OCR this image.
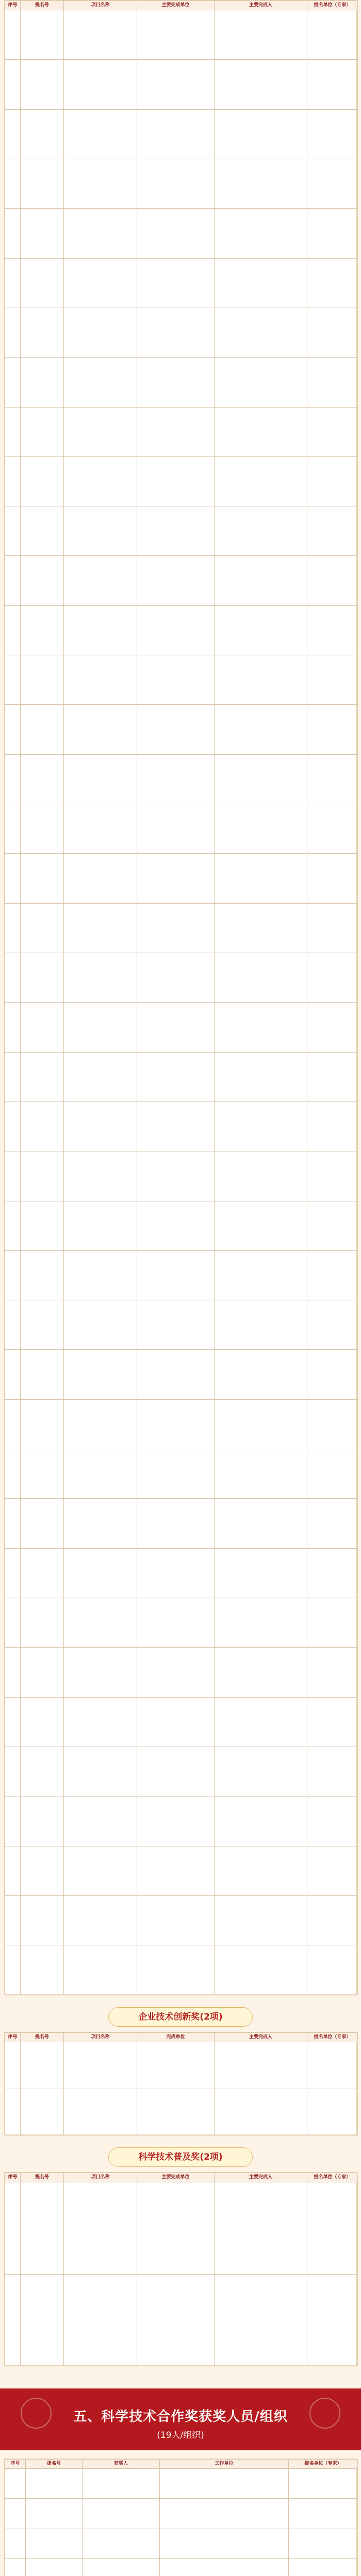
序号	提名号	项目名称	主要完成单位	主要完成人	提名单位（专家）

企业技术创新奖(2项)
序号	提名号	项目名称	完成单位	主要完成人	提名单位（专家）

科学技术普及奖(2项)
序号	提名号	项目名称	主要完成单位	主要完成人	提名单位（专家）

五、科学技术合作奖获奖人员/组织
(19人/组织)
序号	提名号	获奖人	工作单位	提名单位（专家）
